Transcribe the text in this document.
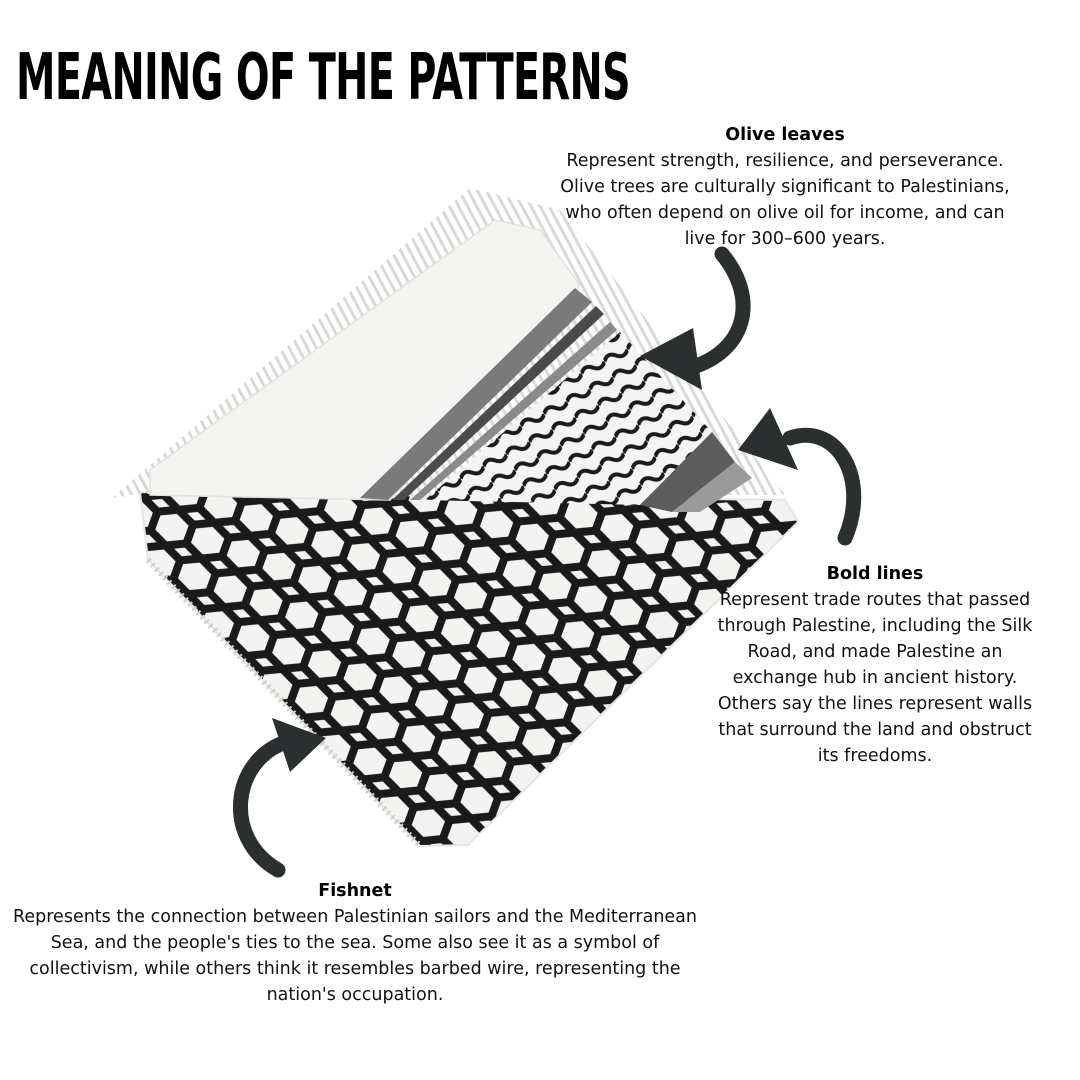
MEANING OF THE PATTERNS
Olive leaves

Represent strength, resilience, and perseverance. Olive trees are culturally significant to Palestinians, who often depend on olive oil for income, and can live for 300–600 years.

Bold lines

Represent trade routes that passed through Palestine, including the Silk Road, and made Palestine an exchange hub in ancient history. Others say the lines represent walls that surround the land and obstruct its freedoms.

Fishnet

Represents the connection between Palestinian sailors and the Mediterranean Sea, and the people's ties to the sea. Some also see it as a symbol of collectivism, while others think it resembles barbed wire, representing the nation's occupation.
